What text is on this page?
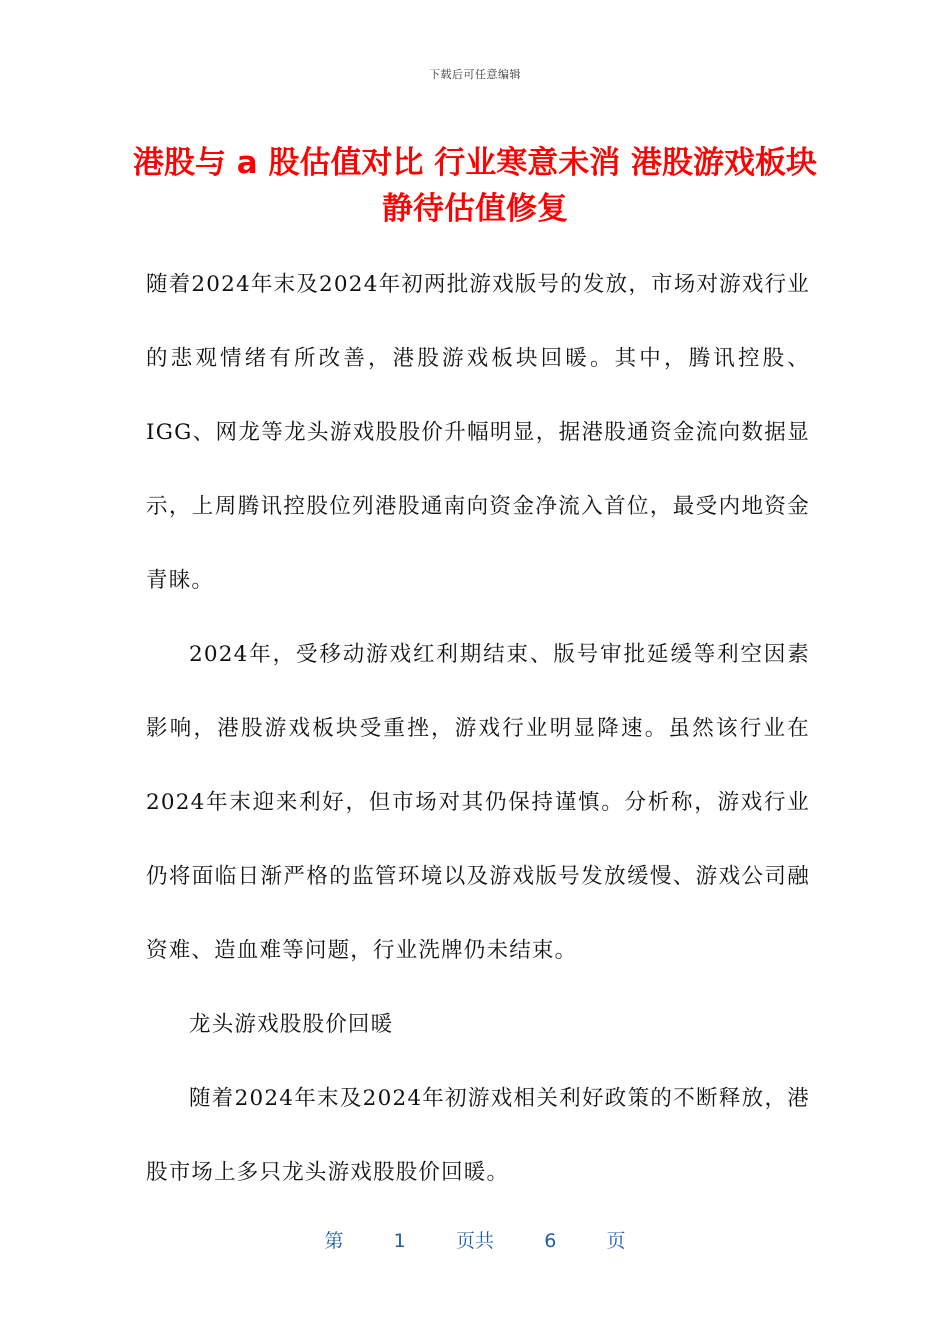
下载后可任意编辑
港股与 a 股估值对比 行业寒意未消 港股游戏板块静待估值修复

随着2024年末及2024年初两批游戏版号的发放，市场对游戏行业的悲观情绪有所改善，港股游戏板块回暖。其中，腾讯控股、IGG、网龙等龙头游戏股股价升幅明显，据港股通资金流向数据显示，上周腾讯控股位列港股通南向资金净流入首位，最受内地资金青睐。

2024年，受移动游戏红利期结束、版号审批延缓等利空因素影响，港股游戏板块受重挫，游戏行业明显降速。虽然该行业在2024年末迎来利好，但市场对其仍保持谨慎。分析称，游戏行业仍将面临日渐严格的监管环境以及游戏版号发放缓慢、游戏公司融资难、造血难等问题，行业洗牌仍未结束。

龙头游戏股股价回暖

随着2024年末及2024年初游戏相关利好政策的不断释放，港股市场上多只龙头游戏股股价回暖。

第	1	页共	6	页
